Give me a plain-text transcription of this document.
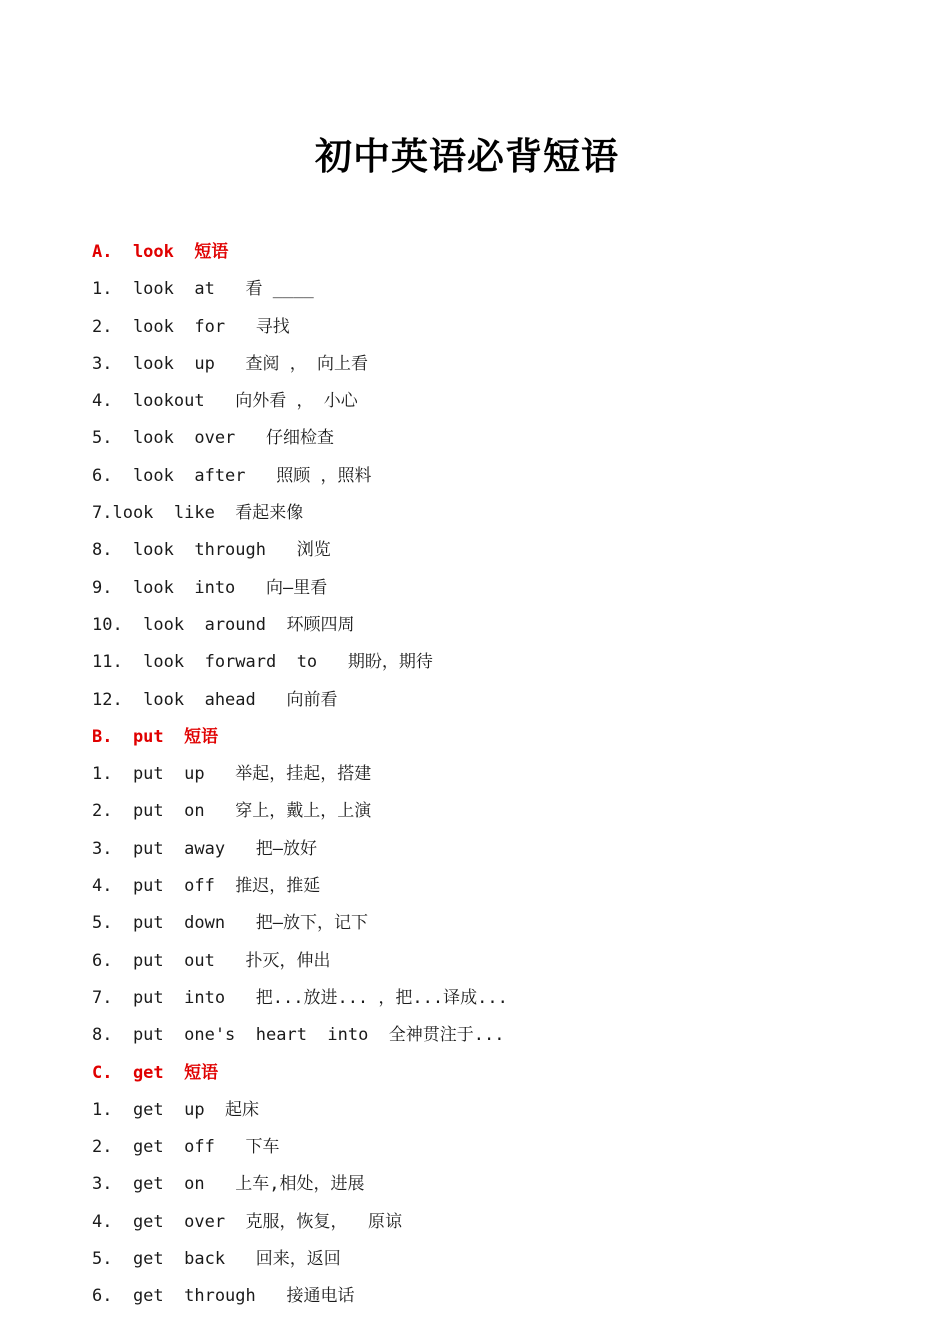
初中英语必背短语
A.  look  短语
1.  look  at   看 ____
2.  look  for   寻找
3.  look  up   查阅 ， 向上看
4.  lookout   向外看 ， 小心
5.  look  over   仔细检查
6.  look  after   照顾 ，照料
7.look  like  看起来像
8.  look  through   浏览
9.  look  into   向—里看
10.  look  around  环顾四周
11.  look  forward  to   期盼，期待
12.  look  ahead   向前看
B.  put  短语
1.  put  up   举起，挂起，搭建
2.  put  on   穿上，戴上，上演
3.  put  away   把—放好
4.  put  off  推迟，推延
5.  put  down   把—放下，记下
6.  put  out   扑灭，伸出
7.  put  into   把...放进... ，把...译成...
8.  put  one's  heart  into  全神贯注于...
C.  get  短语
1.  get  up  起床
2.  get  off   下车
3.  get  on   上车,相处，进展
4.  get  over  克服，恢复，  原谅
5.  get  back   回来，返回
6.  get  through   接通电话
